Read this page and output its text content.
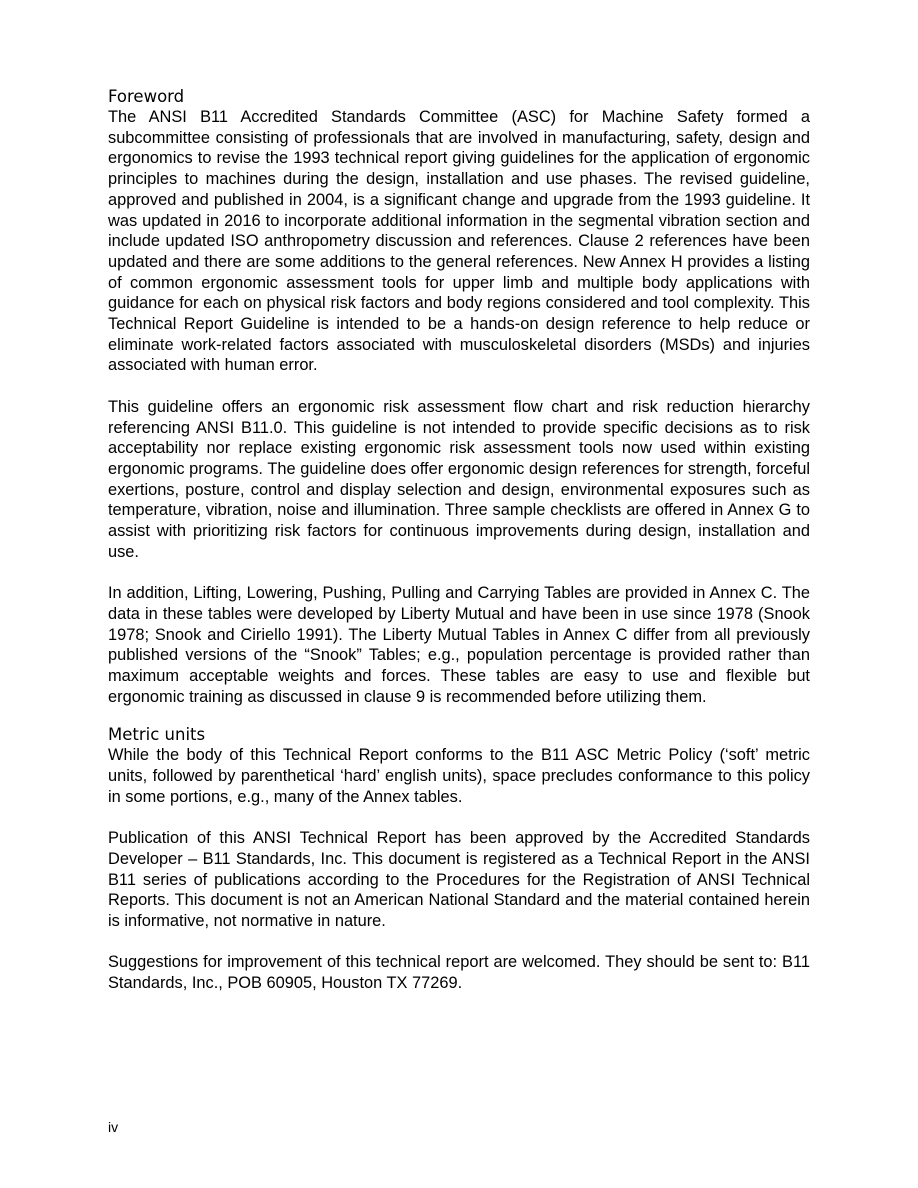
Foreword

The ANSI B11 Accredited Standards Committee (ASC) for Machine Safety formed a subcommittee consisting of professionals that are involved in manufacturing, safety, design and ergonomics to revise the 1993 technical report giving guidelines for the application of ergonomic principles to machines during the design, installation and use phases. The revised guideline, approved and published in 2004, is a significant change and upgrade from the 1993 guideline. It was updated in 2016 to incorporate additional information in the segmental vibration section and include updated ISO anthropometry discussion and references. Clause 2 references have been updated and there are some additions to the general references. New Annex H provides a listing of common ergonomic assessment tools for upper limb and multiple body applications with guidance for each on physical risk factors and body regions considered and tool complexity. This Technical Report Guideline is intended to be a hands-on design reference to help reduce or eliminate work-related factors associated with musculoskeletal disorders (MSDs) and injuries associated with human error.

This guideline offers an ergonomic risk assessment flow chart and risk reduction hierarchy referencing ANSI B11.0. This guideline is not intended to provide specific decisions as to risk acceptability nor replace existing ergonomic risk assessment tools now used within existing ergonomic programs. The guideline does offer ergonomic design references for strength, forceful exertions, posture, control and display selection and design, environmental exposures such as temperature, vibration, noise and illumination. Three sample checklists are offered in Annex G to assist with prioritizing risk factors for continuous improvements during design, installation and use.

In addition, Lifting, Lowering, Pushing, Pulling and Carrying Tables are provided in Annex C. The data in these tables were developed by Liberty Mutual and have been in use since 1978 (Snook 1978; Snook and Ciriello 1991). The Liberty Mutual Tables in Annex C differ from all previously published versions of the “Snook” Tables; e.g., population percentage is provided rather than maximum acceptable weights and forces. These tables are easy to use and flexible but ergonomic training as discussed in clause 9 is recommended before utilizing them.

Metric units

While the body of this Technical Report conforms to the B11 ASC Metric Policy (‘soft’ metric units, followed by parenthetical ‘hard’ english units), space precludes conformance to this policy in some portions, e.g., many of the Annex tables.

Publication of this ANSI Technical Report has been approved by the Accredited Standards Developer – B11 Standards, Inc. This document is registered as a Technical Report in the ANSI B11 series of publications according to the Procedures for the Registration of ANSI Technical Reports. This document is not an American National Standard and the material contained herein is informative, not normative in nature.

Suggestions for improvement of this technical report are welcomed. They should be sent to: B11 Standards, Inc., POB 60905, Houston TX 77269.

iv
